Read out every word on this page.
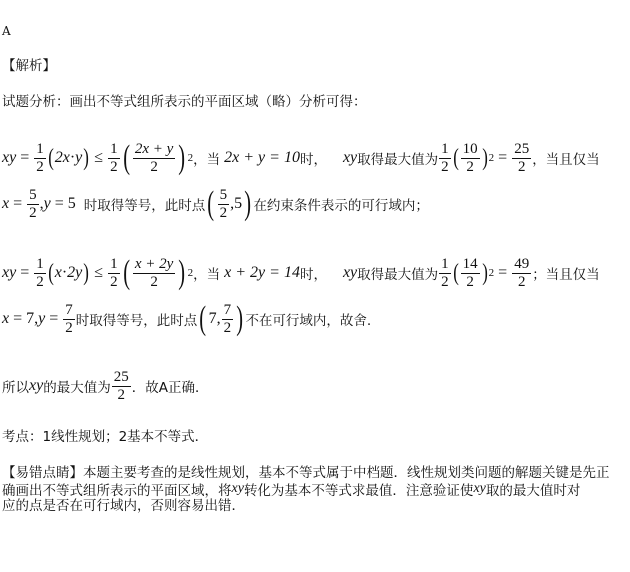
A
【解析】
试题分析：画出不等式组所表示的平面区域（略）分析可得：
xy = $\frac{1}{2}$ ( 2x · y ) ≤ $\frac{1}{2}$ ( $\frac{2x + y}{2}$ ) 2 ，当
2x + y = 10 时， xy 取得最大值为 $\frac{1}{2}$ ( $\frac{10}{2}$ ) $2 = \frac{25}{2}$ ，当且仅当
$x = \frac{5}{2}$ , y = 5 时取得等号，此时点 ( $\frac{5}{2} ,5$ ) 在约束条件表示的可行域内；
xy = $\frac{1}{2}$ ( x · 2y ) ≤ $\frac{1}{2}$ ( $\frac{x + 2y}{2}$ ) 2 ，当
x + 2y = 14 时， xy 取得最大值为 $\frac{1}{2}$ ( $\frac{14}{2}$ ) $2 = \frac{49}{2}$ ；当且仅当
x = 7, $y = \frac{7}{2}$ 时取得等号，此时点 ( 7, $\frac{7}{2}$ ) 不在可行域内，故舍.
所以 xy 的最大值为 $\frac{25}{2}$ ．故A正确．
考点：1线性规划；2基本不等式．
【易错点睛】本题主要考查的是线性规划，基本不等式属于中档题．线性规划类问题的解题关键是先正
确画出不等式组所表示的平面区域，将 xy 转化为基本不等式求最值．注意验证使 xy 取的最大值时对
应的点是否在可行域内，否则容易出错．
